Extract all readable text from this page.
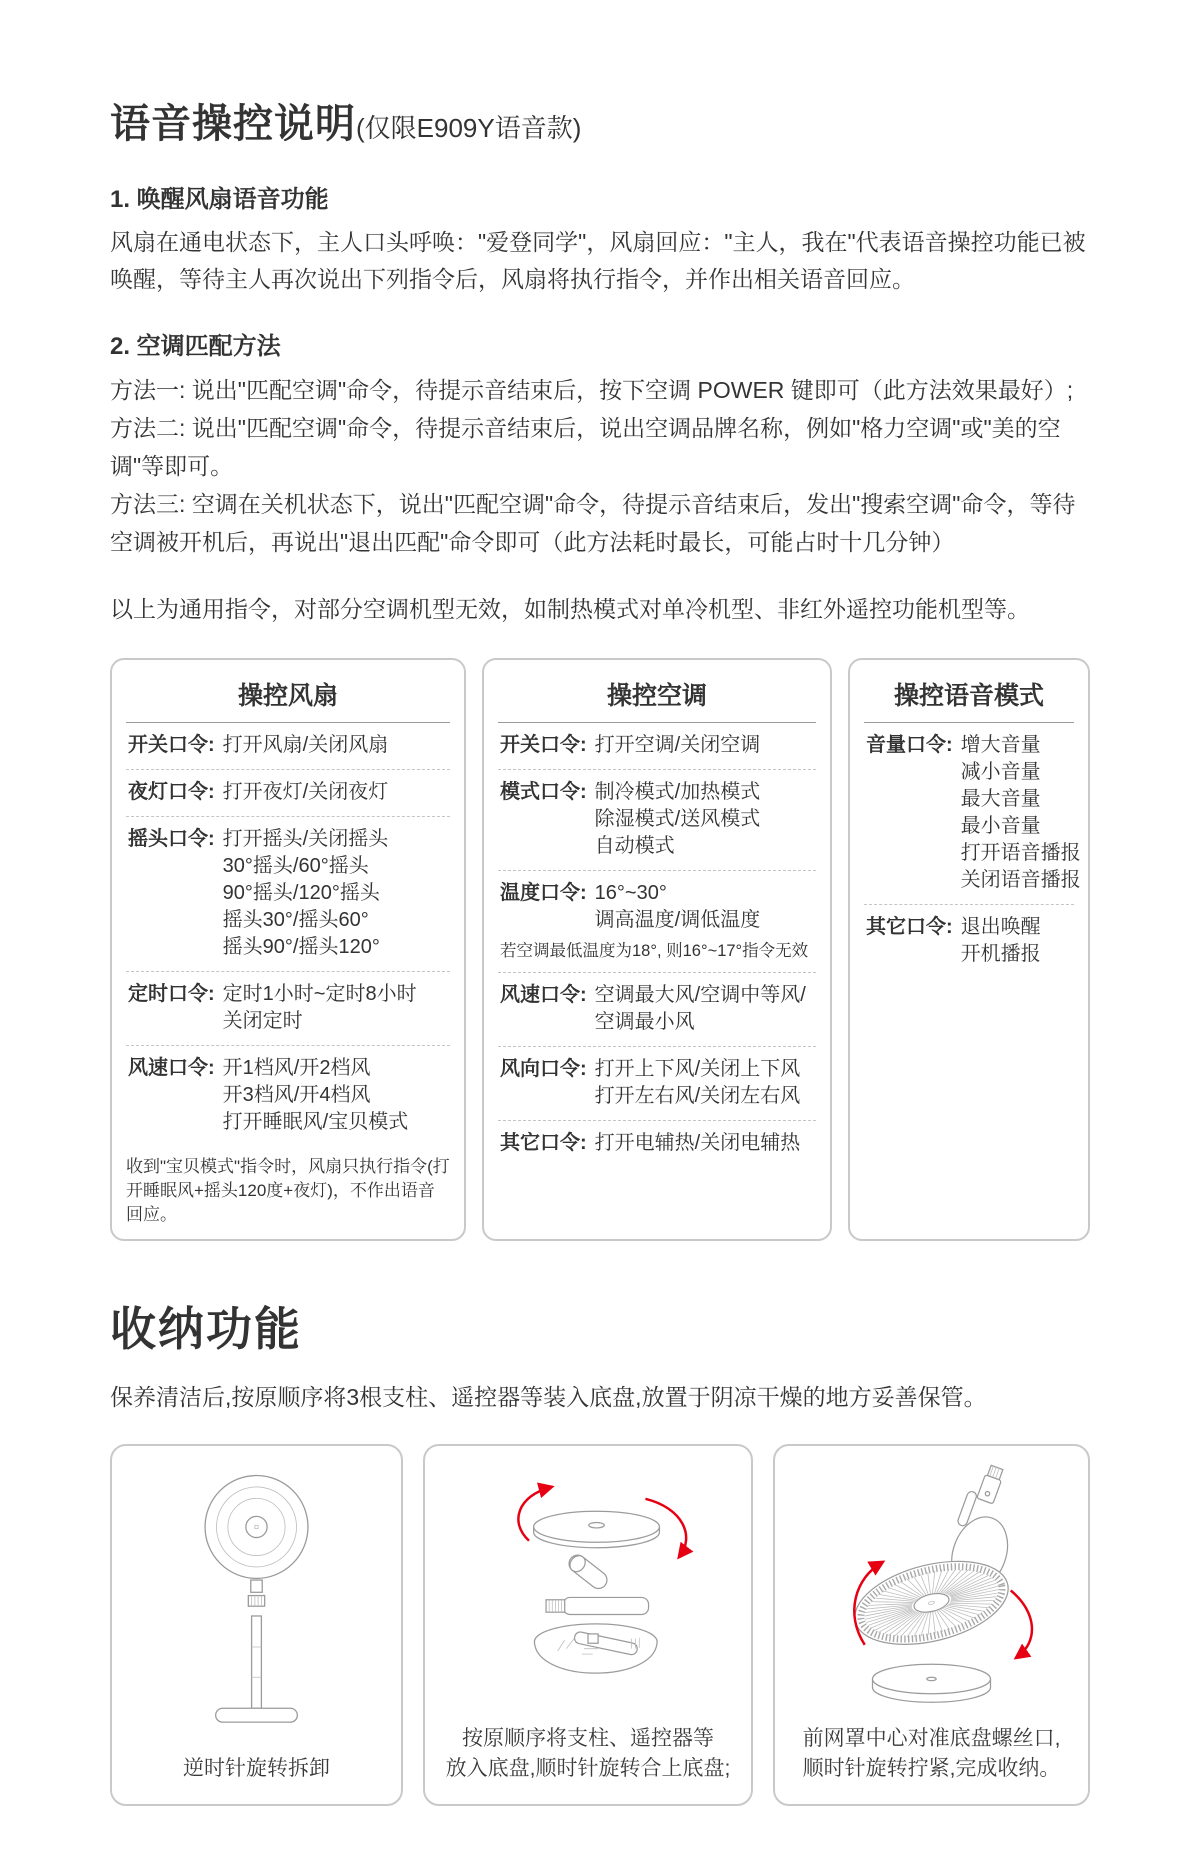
语音操控说明(仅限E909Y语音款)
1. 唤醒风扇语音功能

风扇在通电状态下，主人口头呼唤："爱登同学"，风扇回应："主人，我在"代表语音操控功能已被唤醒，等待主人再次说出下列指令后，风扇将执行指令，并作出相关语音回应。

2. 空调匹配方法
方法一: 说出"匹配空调"命令，待提示音结束后，按下空调 POWER 键即可（此方法效果最好）;
方法二: 说出"匹配空调"命令，待提示音结束后，说出空调品牌名称，例如"格力空调"或"美的空调"等即可。
方法三: 空调在关机状态下，说出"匹配空调"命令，待提示音结束后，发出"搜索空调"命令，等待空调被开机后，再说出"退出匹配"命令即可（此方法耗时最长，可能占时十几分钟）

以上为通用指令，对部分空调机型无效，如制热模式对单冷机型、非红外遥控功能机型等。

操控风扇
开关口令: 打开风扇/关闭风扇
夜灯口令: 打开夜灯/关闭夜灯
摇头口令: 打开摇头/关闭摇头
30°摇头/60°摇头
90°摇头/120°摇头
摇头30°/摇头60°
摇头90°/摇头120°
定时口令: 定时1小时~定时8小时
关闭定时
风速口令: 开1档风/开2档风
开3档风/开4档风
打开睡眠风/宝贝模式
收到"宝贝模式"指令时，风扇只执行指令(打开睡眠风+摇头120度+夜灯)，不作出语音回应。
操控空调
开关口令: 打开空调/关闭空调
模式口令: 制冷模式/加热模式
除湿模式/送风模式
自动模式
温度口令: 16°~30°
调高温度/调低温度
若空调最低温度为18°, 则16°~17°指令无效
风速口令: 空调最大风/空调中等风/
空调最小风
风向口令: 打开上下风/关闭上下风
打开左右风/关闭左右风
其它口令: 打开电辅热/关闭电辅热
操控语音模式
音量口令: 增大音量
减小音量
最大音量
最小音量
打开语音播报
关闭语音播报
其它口令: 退出唤醒
开机播报
收纳功能

保养清洁后,按原顺序将3根支柱、遥控器等装入底盘,放置于阴凉干燥的地方妥善保管。

逆时针旋转拆卸
按原顺序将支柱、遥控器等
放入底盘,顺时针旋转合上底盘;
前网罩中心对准底盘螺丝口,
顺时针旋转拧紧,完成收纳。
